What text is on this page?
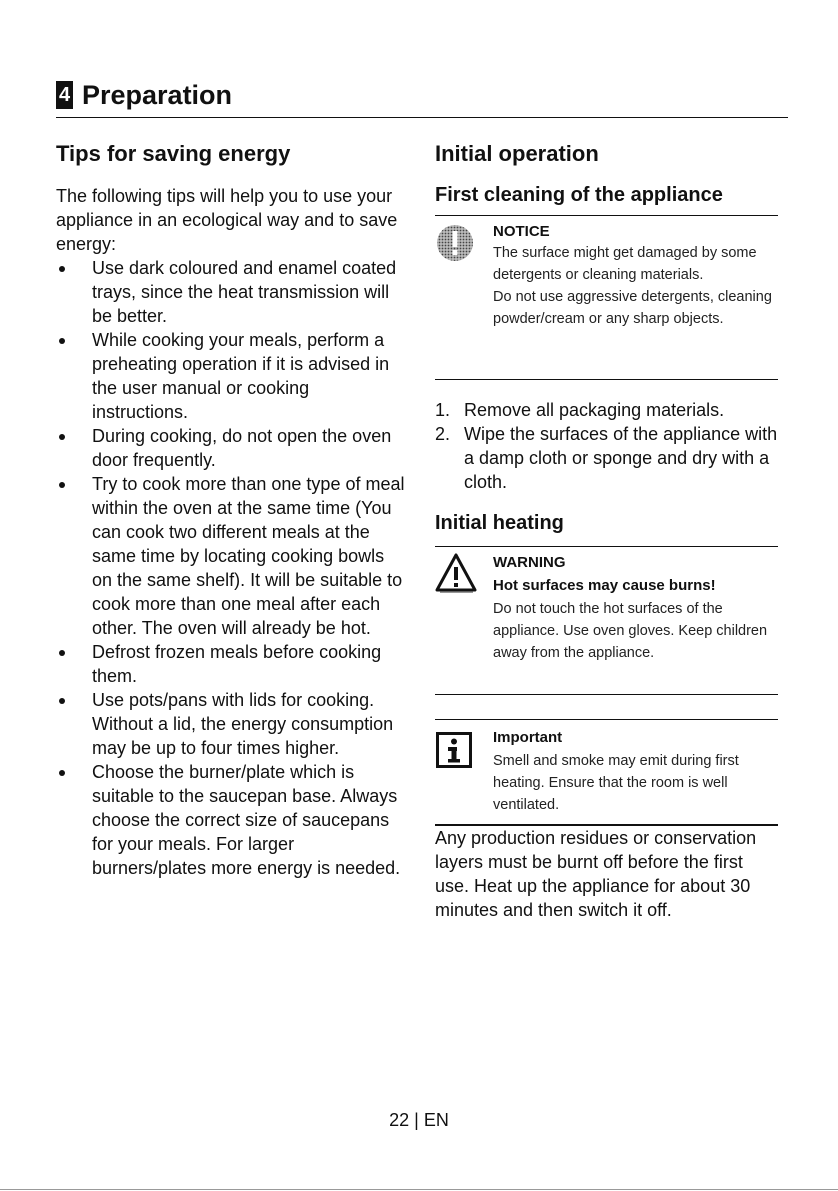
4 Preparation
Tips for saving energy

The following tips will help you to use your appliance in an ecological way and to save energy:

Use dark coloured and enamel coated trays, since the heat transmission will be better.
While cooking your meals, perform a preheating operation if it is advised in the user manual or cooking instructions.
During cooking, do not open the oven door frequently.
Try to cook more than one type of meal within the oven at the same time (You can cook two different meals at the same time by locating cooking bowls on the same shelf). It will be suitable to cook more than one meal after each other. The oven will already be hot.
Defrost frozen meals before cooking them.
Use pots/pans with lids for cooking. Without a lid, the energy consumption may be up to four times higher.
Choose the burner/plate which is suitable to the saucepan base. Always choose the correct size of saucepans for your meals. For larger burners/plates more energy is needed.
Initial operation
First cleaning of the appliance
NOTICE
The surface might get damaged by some detergents or cleaning materials.
Do not use aggressive detergents, cleaning powder/cream or any sharp objects.
1. Remove all packaging materials.
2. Wipe the surfaces of the appliance with a damp cloth or sponge and dry with a cloth.
Initial heating
WARNING
Hot surfaces may cause burns!
Do not touch the hot surfaces of the appliance. Use oven gloves. Keep children away from the appliance.
Important
Smell and smoke may emit during first heating. Ensure that the room is well ventilated.

Any production residues or conservation layers must be burnt off before the first use. Heat up the appliance for about 30 minutes and then switch it off.

22 | EN
